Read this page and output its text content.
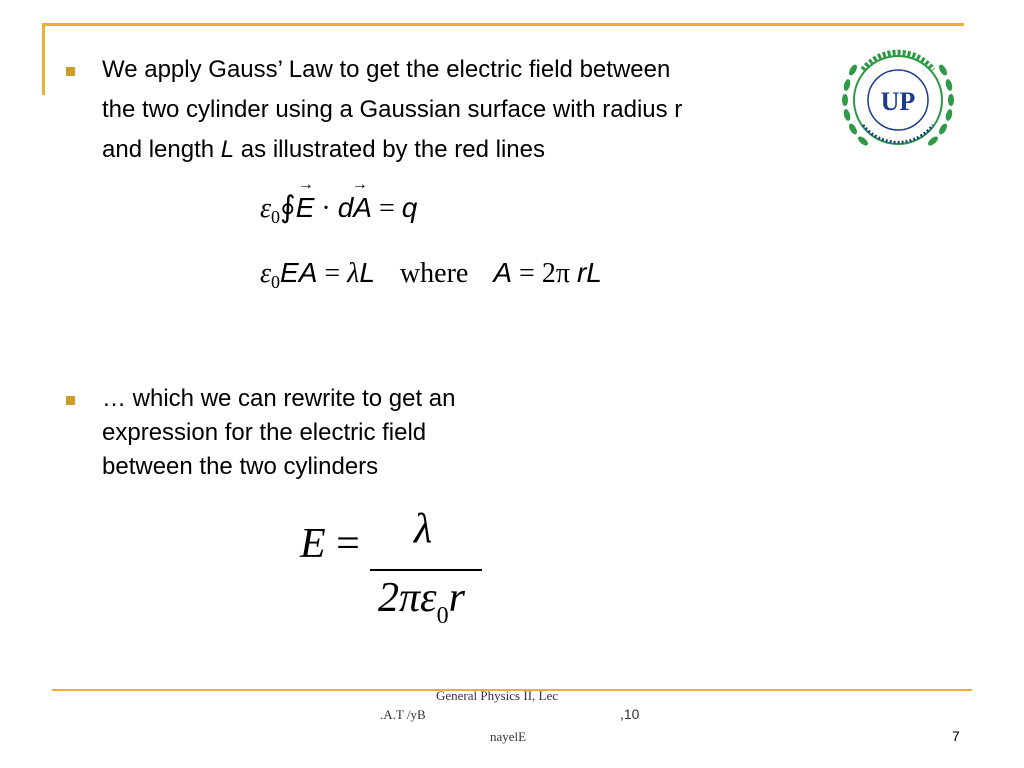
We apply Gauss’ Law to get the electric field between
the two cylinder using a Gaussian surface with radius r
and length L as illustrated by the red lines
UP
$\varepsilon_0∮E$
→
· dA
→
= q
$\varepsilon_0EA = \lambda L$ where A = 2π rL
… which we can rewrite to get an
expression for the electric field
between the two cylinders
E = λ
$2\pi\varepsilon_0r$
General Physics II, Lec
.A.T /yB	,10
nayelE	7
